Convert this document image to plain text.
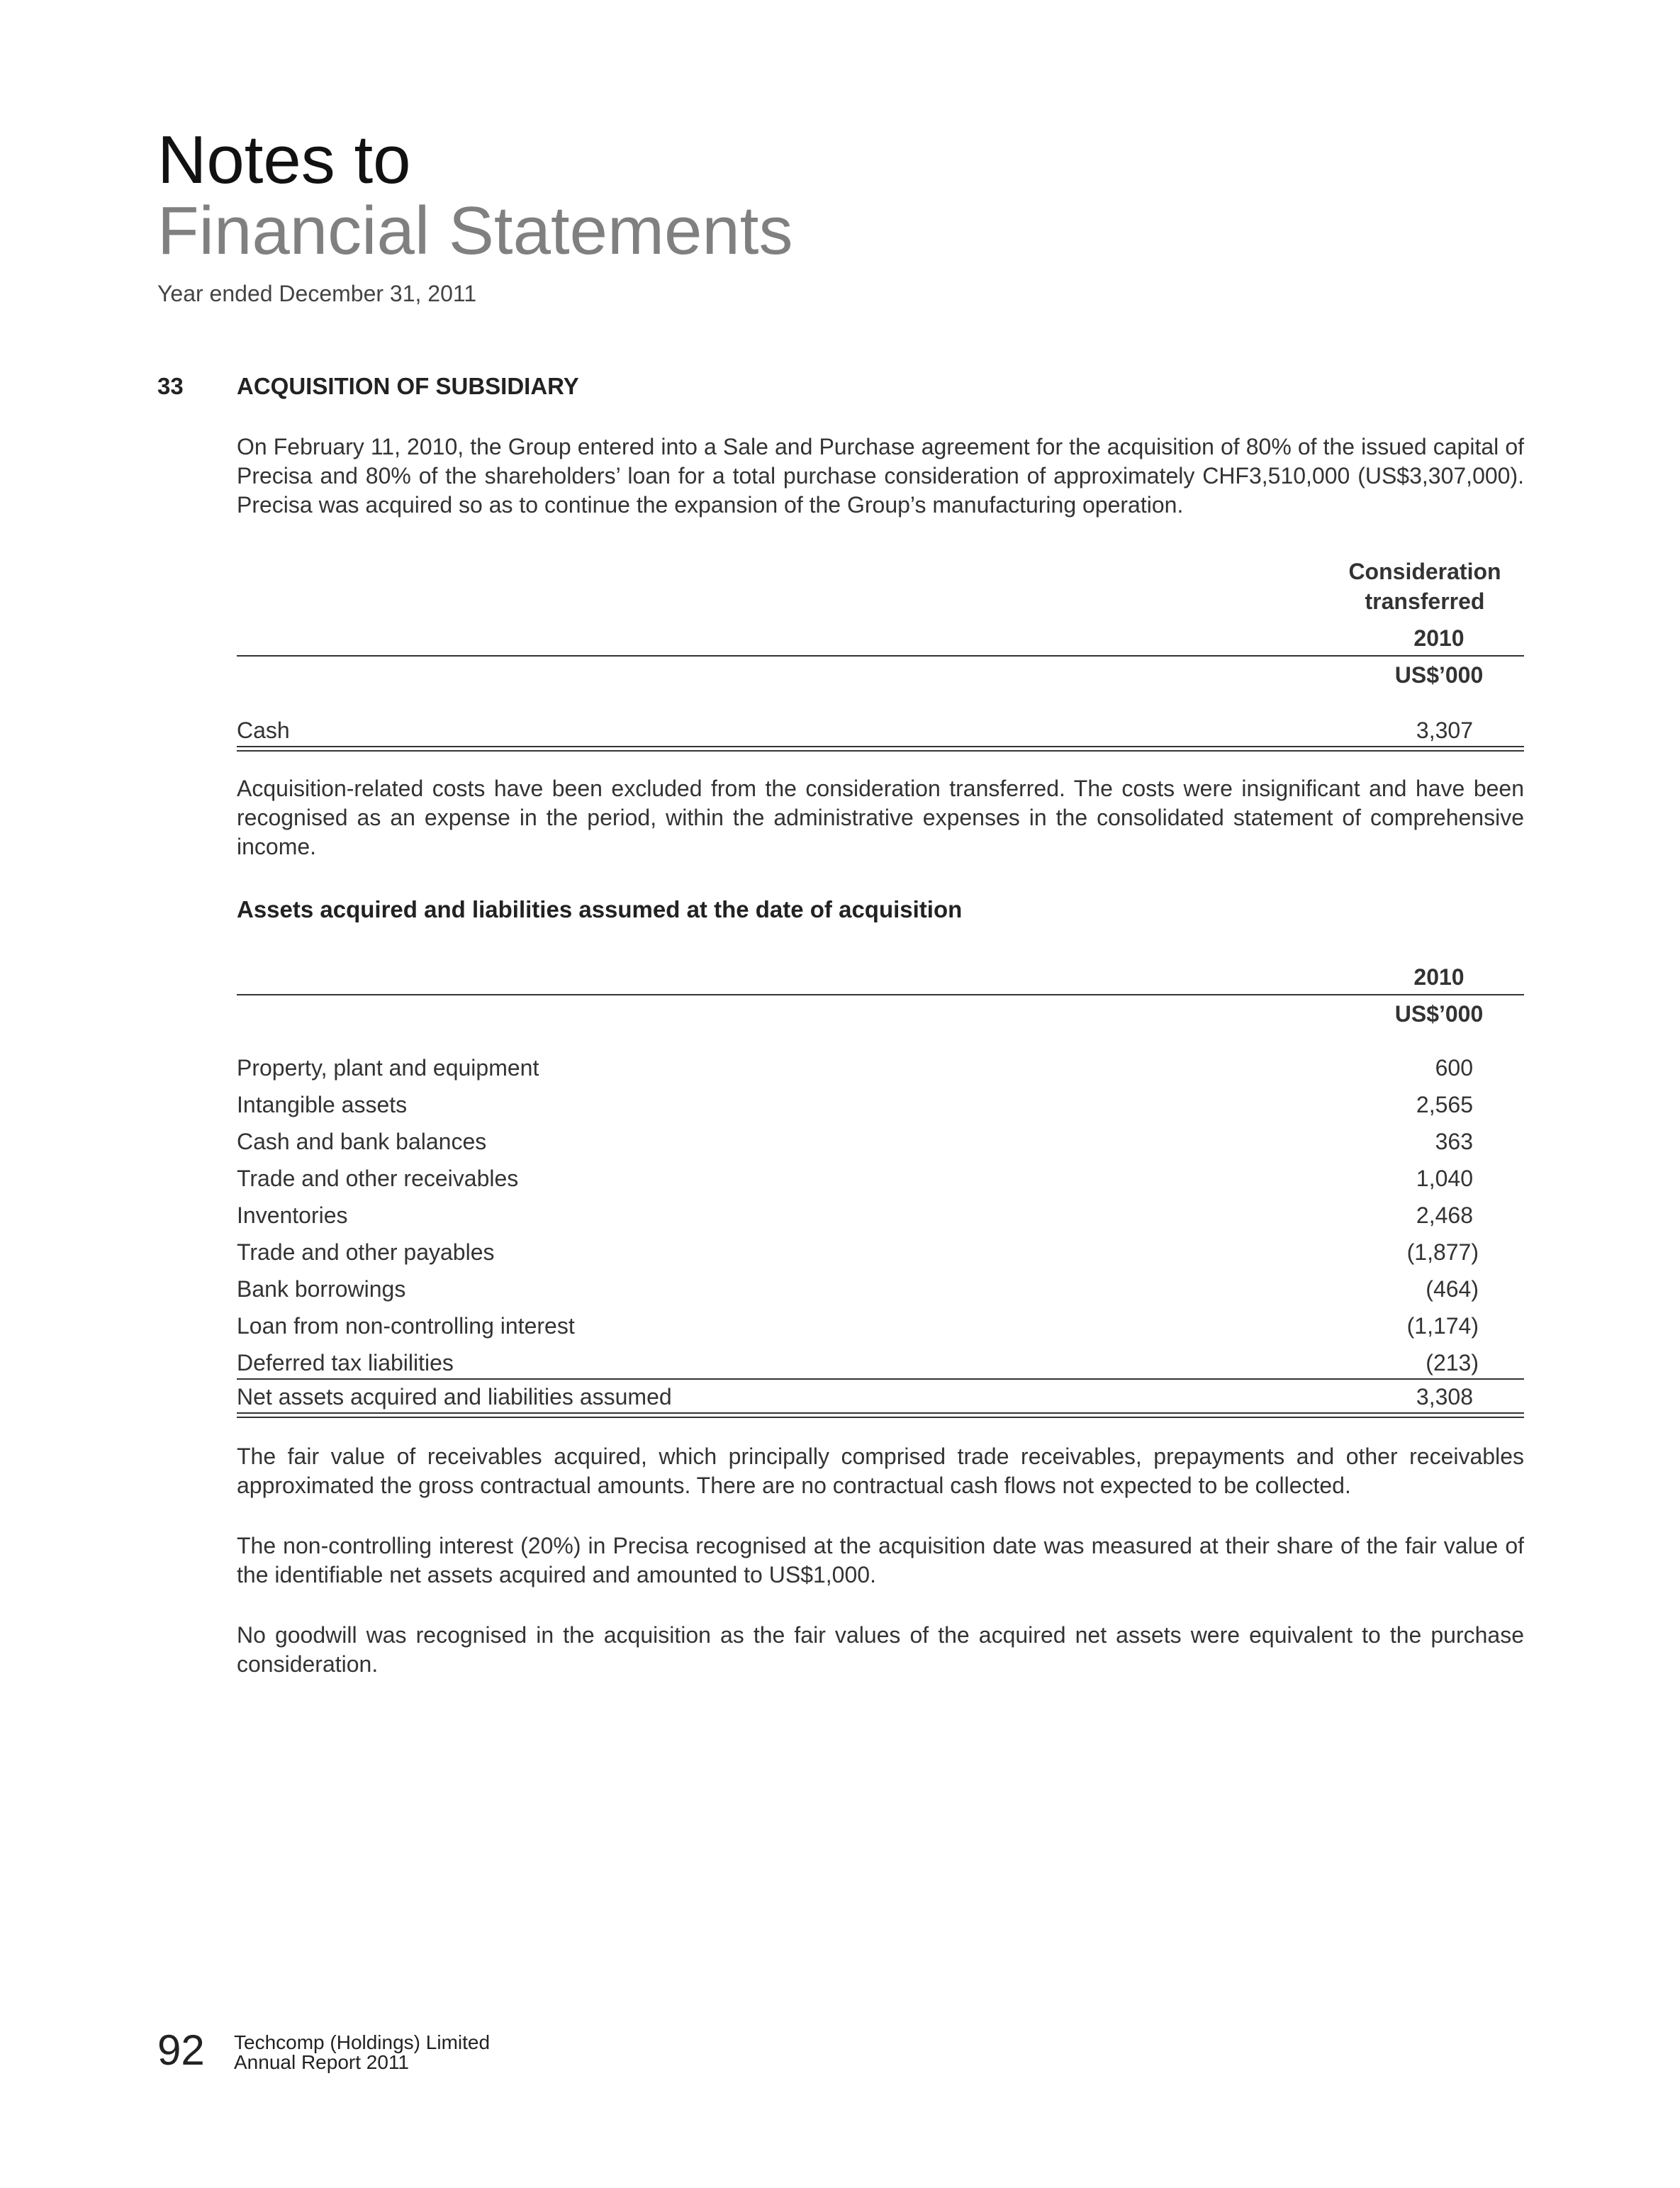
Notes to
Financial Statements
Year ended December 31, 2011
33 ACQUISITION OF SUBSIDIARY
On February 11, 2010, the Group entered into a Sale and Purchase agreement for the acquisition of 80% of the issued capital of Precisa and 80% of the shareholders’ loan for a total purchase consideration of approximately CHF3,510,000 (US$3,307,000). Precisa was acquired so as to continue the expansion of the Group’s manufacturing operation.
Consideration
transferred
2010
US$’000
Cash	3,307
Acquisition-related costs have been excluded from the consideration transferred. The costs were insignificant and have been recognised as an expense in the period, within the administrative expenses in the consolidated statement of comprehensive income.
Assets acquired and liabilities assumed at the date of acquisition
2010
US$’000
Property, plant and equipment	600
Intangible assets	2,565
Cash and bank balances	363
Trade and other receivables	1,040
Inventories	2,468
Trade and other payables	(1,877)
Bank borrowings	(464)
Loan from non-controlling interest	(1,174)
Deferred tax liabilities	(213)
Net assets acquired and liabilities assumed	3,308
The fair value of receivables acquired, which principally comprised trade receivables, prepayments and other receivables approximated the gross contractual amounts. There are no contractual cash flows not expected to be collected.
The non-controlling interest (20%) in Precisa recognised at the acquisition date was measured at their share of the fair value of the identifiable net assets acquired and amounted to US$1,000.
No goodwill was recognised in the acquisition as the fair values of the acquired net assets were equivalent to the purchase consideration.
92 Techcomp (Holdings) Limited
Annual Report 2011
